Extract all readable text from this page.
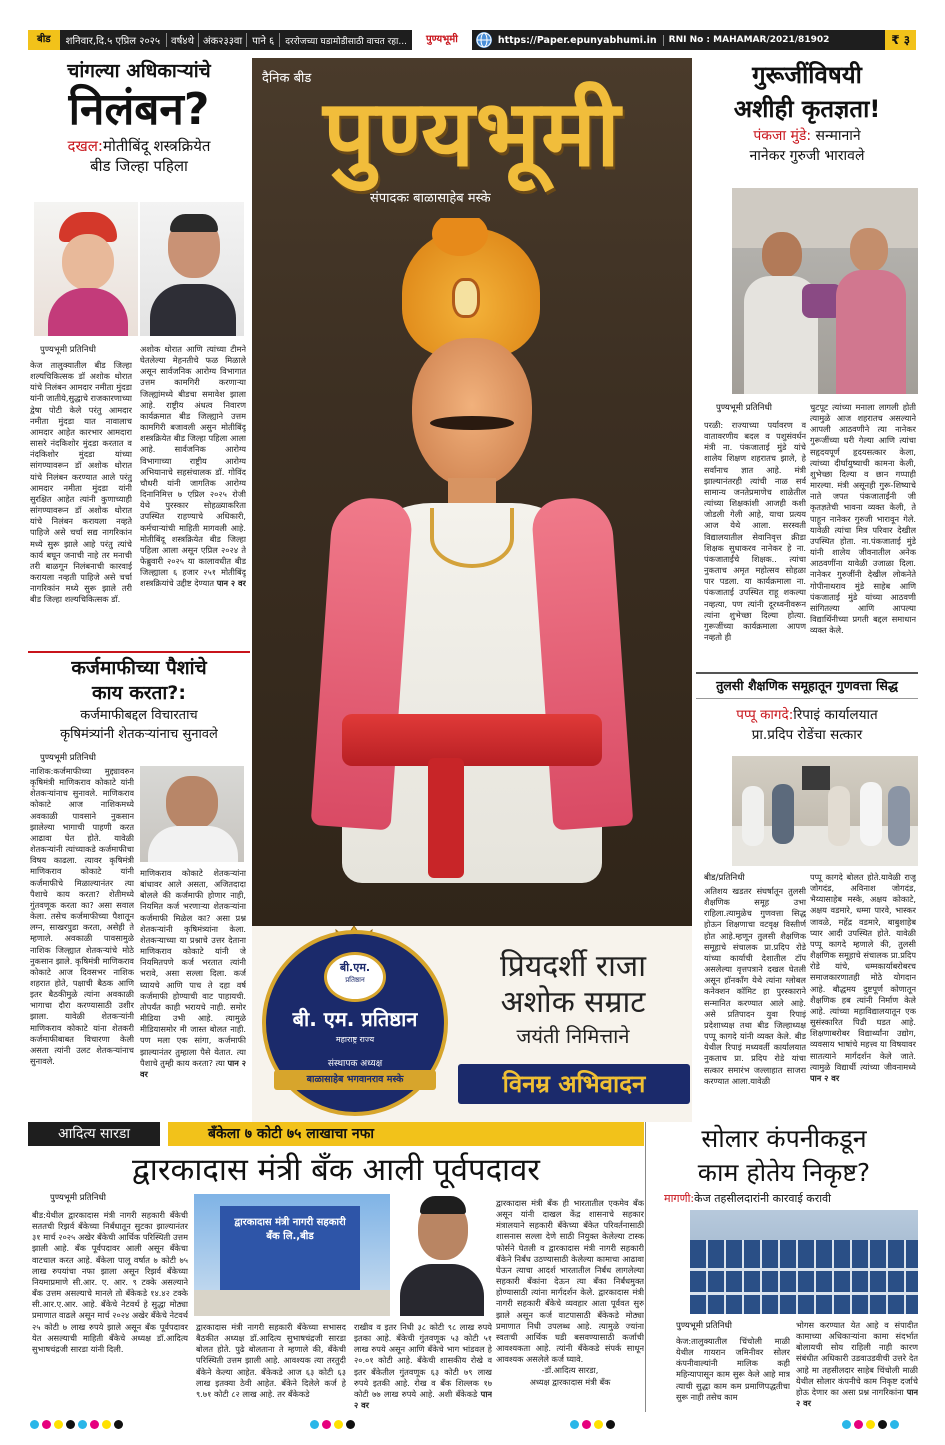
बीड	शनिवार,दि.५ एप्रिल २०२५	वर्ष४थे अंक२३३वा	पाने ६	दररोजच्या घडामोडीसाठी वाचत रहा...	पुण्यभूमी	https://Paper.epunyabhumi.in	RNI No : MAHAMAR/2021/81902	₹ ३
चांगल्या अधिकाऱ्यांचे
निलंबन?
दखल:मोतीबिंदू शस्त्रक्रियेत
बीड जिल्हा पहिला
पुण्यभूमी प्रतिनिधी
केज तालुक्यातील बीड जिल्हा शल्यचिकित्सक डॉ अशोक थोरात यांचे निलंबन आमदार नमीता मुंदडा यांनी जातीये,सुद्धाचे राजकारणाच्या द्वेषा पोटी केले परंतु आमदार नमीता मुंदडा यात नावालाच आमदार आहेत कारभार आमदारा सासरे नंदकिशोर मुंदडा करतात व नंदकिशोर मुंदडा यांच्या सांगण्यावरून डॉ अशोक थोरात यांचे निलंबन करण्यात आले परंतु आमदार नमीता मुंदडा यांनी सुरक्षित आहेत त्यांनी कुणाच्याही सांगण्यावरून डॉ अशोक थोरात यांचे निलंबन करायला नव्हते पाहिजे असे चर्चा सद्य नागरिकांन मध्ये सुरू झाले आहे परंतु त्यांचे कार्य बघून जनाची नाहे तर मनाची तरी बाळगून निलंबनाची कारवाई करायला नव्हती पाहिजे असे चर्चा नागरिकांन मध्ये सुरू झाले तरी बीड जिल्हा शल्यचिकित्सक डॉ.
अशोक थोरात आणि त्यांच्या टीमने घेतलेल्या मेहनतीचे फळ मिळाले असून सार्वजनिक आरोग्य विभागात उत्तम कामगिरी करणाऱ्या जिल्ह्यांमध्ये बीडचा समावेश झाला आहे. राष्ट्रीय अंधत्व निवारण कार्यक्रमात बीड जिल्ह्याने उत्तम कामगिरी बजावली असुन मोतीबिंदू शस्त्रक्रियेत बीड जिल्हा पहिला आला आहे. सार्वजनिक आरोग्य विभागाच्या राष्ट्रीय आरोग्य अभियानाचे सहसंचालक डॉ. गोविंद चौधरी यांनी जागतिक आरोग्य दिनानिमित्त ७ एप्रिल २०२५ रोजी येथे पुरस्कार सोहळ्याकरिता उपस्थित राहण्याचे अधिकारी, कर्मचाऱ्यांची माहिती मागवली आहे. मोतीबिंदू शस्त्रक्रियेत बीड जिल्हा पहिला आला असून एप्रिल २०२४ ते फेब्रुवारी २०२५ या कालावधीत बीड जिल्ह्याला ६ हजार २५१ मोतीबिंदू शस्त्रक्रियांचे उद्दीष्ट देण्यात पान २ वर
कर्जमाफीच्या पैशांचे
काय करता?:
कर्जमाफीबद्दल विचारताच
कृषिमंत्र्यांनी शेतकऱ्यांनाच सुनावले
पुण्यभूमी प्रतिनिधी
नाशिक:कर्जमाफीच्या मुद्द्यावरुन कृषिमंत्री माणिकराव कोकाटे यांनी शेतकऱ्यांनाच सुनावले. माणिकराव कोकाटे आज नाशिकमध्ये अवकाळी पावसाने नुकसान झालेल्या भागाची पाहणी करत आढावा घेत होते. यावेळी शेतकऱ्यांनी त्यांच्याकडे कर्जमाफीचा विषय काढला. त्यावर कृषिमंत्री माणिकराव कोकाटे यांनी कर्जमाफीचे मिळाल्यानंतर त्या पैशाचे काय करता? शेतीमध्ये गुंतवणूक करता का? असा सवाल केला. तसेच कर्जमाफीच्या पैशातून लग्न, साखरपुडा करता, असेही ते म्हणाले. अवकाळी पावसामुळे नाशिक जिल्ह्यात शेतकऱ्यांचे मोठे नुकसान झाले. कृषिमंत्री माणिकराव कोकाटे आज दिवसभर नाशिक शहरात होते, पक्षाची बैठक आणि इतर बैठकीमुळे त्यांना अवकाळी भागाचा दौरा करण्यासाठी उशीर झाला. यावेळी शेतकऱ्यांनी माणिकराव कोकाटे यांना शेतकरी कर्जमाफीबाबत विचारणा केली असता त्यांनी उलट शेतकऱ्यांनाच सुनावले.
माणिकराव कोकाटे शेतकऱ्यांना बांधावर आले असता, अजितदादा बोलले की कर्जमाफी होणार नाही, नियमित कर्ज भरणाऱ्या शेतकऱ्यांना कर्जमाफी मिळेल का? असा प्रश्न शेतकऱ्यांनी कृषिमंत्र्यांना केला. शेतकऱ्याच्या या प्रश्नाचे उत्तर देताना माणिकराव कोकाटे यांनी जे नियमितपणे कर्ज भरतात त्यांनी भरावे, असा सल्ला दिला. कर्ज घ्यायचे आणि पाच ते दहा वर्ष कर्जमाफी होण्याची वाट पाहायची. तोपर्यंत काही भरायचे नाही. समोर मीडिया उभी आहे. त्यामुळे मीडियासमोर मी जास्त बोलत नाही. पण मला एक सांगा, कर्जमाफी झाल्यानंतर तुम्हाला पैसे येतात. त्या पैशाचे तुम्ही काय करता? त्या पान २ वर
दैनिक बीड
पुण्यभूमी
संपादकः बाळासाहेब मस्के
गुरूजींविषयी
अशीही कृतज्ञता!
पंकजा मुंडे: सन्मानाने
नानेकर गुरुजी भारावले
पुण्यभूमी प्रतिनिधी
परळी: राज्याच्या पर्यावरण व वातावरणीय बदल व पशुसंवर्धन मंत्री ना. पंकजाताई मुंडे यांचे शालेय शिक्षण शहरातच झाले, हे सर्वांनाच ज्ञात आहे. मंत्री झाल्यानंतरही त्यांची नाळ सर्व सामान्य जनतेप्रमाणेच शाळेतील त्यांच्या शिक्षकांशी आजही कशी जोडली गेली आहे, याचा प्रत्यय आज येथे आला. सरस्वती विद्यालयातील सेवानिवृत्त क्रीडा शिक्षक सुधाकरव नानेकर हे ना. पंकजाताईंचे शिक्षक.. त्यांचा नुकताच अमृत महोत्सव सोहळा पार पडला. या कार्यक्रमाला ना. पंकजाताई उपस्थित राहू शकल्या नव्हत्या, पण त्यांनी दूरध्वनीवरून त्यांना शुभेच्छा दिल्या होत्या. गुरूजींच्या कार्यक्रमाला आपण नव्हतो ही
चुटपूट त्यांच्या मनाला लागली होती त्यामुळे आज शहरातच असल्याने आपली आठवणीने त्या नानेकर गुरूजींच्या घरी गेल्या आणि त्यांचा सहृदयपूर्ण हृदयसत्कार केला, त्यांच्या दीर्घायुष्याची कामना केली, शुभेच्छा दिल्या व छान गप्पाही मारल्या. मंत्री असूनही गुरू-शिष्याचे नाते जपत पंकजाताईंनी जी कृतज्ञतेची भावना व्यक्त केली, ते पाहून नानेकर गुरुजी भारावून गेले. यावेळी त्यांचा मित्र परिवार देखील उपस्थित होता. ना.पंकजाताई मुंडे यांनी शालेय जीवनातील अनेक आठवणींना यावेळी उजाळा दिला. नानेकर गुरुजींनी देखील लोकनेते गोपीनाथराव मुंडे साहेब आणि पंकजाताई मुंडे यांच्या आठवणी सांगितल्या आणि आपल्या विद्यार्थिनीच्या प्रगती बद्दल समाधान व्यक्त केले.
तुलसी शैक्षणिक समूहातून गुणवत्ता सिद्ध
पप्पू कागदे:रिपाइं कार्यालयात
प्रा.प्रदिप रोडेंचा सत्कार
बीड/प्रतिनिधी
अतिशय खडतर संघर्षातून तुलसी शैक्षणिक समूह उभा राहिला.त्यामुळेच गुणवत्ता सिद्ध होऊन शिक्षणाचा वटवृक्ष विस्तीर्ण होत आहे.म्हणून तुलसी शैक्षणिक समूहाचे संचालक प्रा.प्रदिप रोडे यांच्या कार्याची देशातील टॉप असलेल्या वृत्तपत्राने दखल घेतली असून हॉनकॉंग येथे त्यांना ग्लोबल कनेक्शन कॉमिट हा पुरस्काराने सन्मानित करण्यात आले आहे. असे प्रतिपादन युवा रिपाइं प्रदेशाध्यक्ष तथा बीड जिल्हाध्यक्ष पप्पू कागदे यांनी व्यक्त केले. बीड येथील रिपाइं मध्यवर्ती कार्यालयात नुकताच प्रा. प्रदिप रोडे यांचा सत्कार समारंभ जल्लाहात साजरा करण्यात आला.यावेळी
पप्पू कागदे बोलत होते.यावेळी राजू जोगदंड, अविनाश जोगदंड, भैय्यासाहेब मस्के, अक्षय कोकाटे, अक्षय वडमारे, धम्मा पारवे, भास्कर जावळे, महेंद्र वडमारे, बाबुशाहेब प्यार आदी उपस्थित होते. यावेळी पप्पू कागदे म्हणाले की, तुलसी शैक्षणिक समूहाचे संचालक प्रा.प्रदिप रोडे यांचे, धम्मकार्याबरोबरच समाजकारणातही मोठे योगदान आहे. बौद्धमय दुष्टपूर्ण कोणातून शैक्षणिक हब त्यांनी निर्माण केले आहे. त्यांच्या महाविद्यालयातून एक सुसंस्कारित पिढी घडत आहे. शिक्षणाबरोबर विद्यार्थ्यांना उद्योग, व्यवसाय भाषांचे महत्त्व या विषयावर सातत्याने मार्गदर्शन केले जाते. त्यामुळे विद्यार्थी त्यांच्या जीवनामध्ये पान २ वर
बी.एम.
प्रतिष्ठान
बी. एम. प्रतिष्ठान
महाराष्ट्र राज्य
संस्थापक अध्यक्ष
बाळासाहेब भगवानराव मस्के
प्रियदर्शी राजा
अशोक सम्राट
जयंती निमित्ताने
विनम्र अभिवादन
आदित्य सारडा	बँकेला ७ कोटी ७५ लाखाचा नफा
द्वारकादास मंत्री बँक आली पूर्वपदावर
पुण्यभूमी प्रतिनिधी
बीड:येथील द्वारकादास मंत्री नागरी सहकारी बँकेची सततची रिझर्व बँकेच्या निर्बंधातून सुटका झाल्यानंतर ३१ मार्च २०२५ अखेर बँकेची आर्थिक परिस्थिती उत्तम झाली आहे. बँक पूर्वपदावर आली असून बँकेचा वाटचाल करत आहे. बँकेला पालू वर्षात ७ कोटी ७५ लाख रुपयांचा नफा झाला असून रिझर्व बँकेच्या नियमाप्रमाणे सी.आर. ए. आर. ९ टक्के असल्याने बँक उत्तम असल्याचे मानले तो बँकेकडे १४.४२ टक्के सी.आर.ए.आर. आहे. बँकेचे नेटवर्थ हे सुद्धा मोठ्या प्रमाणात वाढले असून मार्च २०२४ अखेर बँकेचे नेटवर्थ २५ कोटी ७ लाख रुपये झाले असून बँक पूर्वपदावर येत असल्याची माहिती बँकेचे अध्यक्ष डॉ.आदित्य सुभाषचंद्रजी सारडा यांनी दिली.
द्वारकादास मंत्री नागरी सहकारी बँक लि.,बीड
द्वारकादास मंत्री नागरी सहकारी बँकेच्या सभासद बैठकीत अध्यक्ष डॉ.आदित्य सुभाषचंद्रजी सारडा बोलत होते. पुढे बोलताना ते म्हणाले की, बँकेची परिस्थिती उत्तम झाली आहे. आवश्यक त्या तरतुदी बँकेने केल्या आहेत. बँकेकडे आज ६३ कोटी ६३ लाख इतक्या ठेवी आहेत. बँकेने दिलेले कर्ज हे ९.७१ कोटी ८२ लाख आहे. तर बँकेकडे
राखीव व इतर निधी ३८ कोटी ९८ लाख रुपये इतका आहे. बँकेची गुंतवणूक ५३ कोटी ५१ लाख रुपये असून आणि बँकेचे भाग भांडवल हे २०.०१ कोटी आहे. बँकेची शासकीय रोखे व इतर बँकेतील गुंतवणूक ६३ कोटी ७९ लाख रुपये इतकी आहे. रोख व बँक शिल्लक १७ कोटी ७७ लाख रुपये आहे. अशी बँकेकडे पान २ वर
द्वारकादास मंत्री बँक ही भारतातील एकमेव बँक असून यांनी दाखल केंद्र शासनाचे सहकार मंत्रालयाने सहकारी बँकेच्या बँकेत परिवर्तनासाठी शासनास सल्ला देणे साठी नियुक्त केलेल्या टास्क फोर्सने घेतली व द्वारकादास मंत्री नागरी सहकारी बँकेने निर्बंध उठण्यासाठी केलेल्या कामाचा आढावा घेऊन त्याचा आदर्श भारतातील निर्बंध लागलेल्या सहकारी बँकांना देऊन त्या बँका निर्बंधमुक्त होण्यासाठी त्यांना मार्गदर्शन केले. द्वारकादास मंत्री नागरी सहकारी बँकेचे व्यवहार आता पूर्ववत सुरु झाले असून कर्ज वाटपासाठी बँकेकडे मोठ्या प्रमाणात निधी उपलब्ध आहे. त्यामुळे ज्यांना स्वतःची आर्थिक घडी बसवण्यासाठी कर्जाची आवश्यकता आहे. त्यांनी बँकेकडे संपर्क साधून आवश्यक असलेले कर्ज घ्यावे.
-डॉ.आदित्य सारडा,
अध्यक्ष द्वारकादास मंत्री बँक
सोलार कंपनीकडून
काम होतेय निकृष्ट?
मागणी:केज तहसीलदारांनी कारवाई करावी
पुण्यभूमी प्रतिनिधी
केज:तालुक्यातील चिंचोली माळी येथील गायरान जमिनीवर सोलर कंपनीवाल्यांनी मालिक कही महिन्यापासून काम सुरू केले आहे मात्र त्याची सुद्धा काम कम प्रमाणिपद्धतीचा सुरू नाही तसेच काम
भोगस करण्यात येत आहे व संपादीत कामाच्या अधिकाऱ्यांना कामा संदर्भात बोलायची सोय राहिली नाही कारण संबंधीत अधिकारी उडवाउडवीची उत्तरे देत आहे मा तहसीलदार साहेब चिंचोली माळी येथील सोलार कंपनीचे काम निकृष्ट दर्जाचे होऊ देणार का असा प्रश्न नागरिकांना पान २ वर
